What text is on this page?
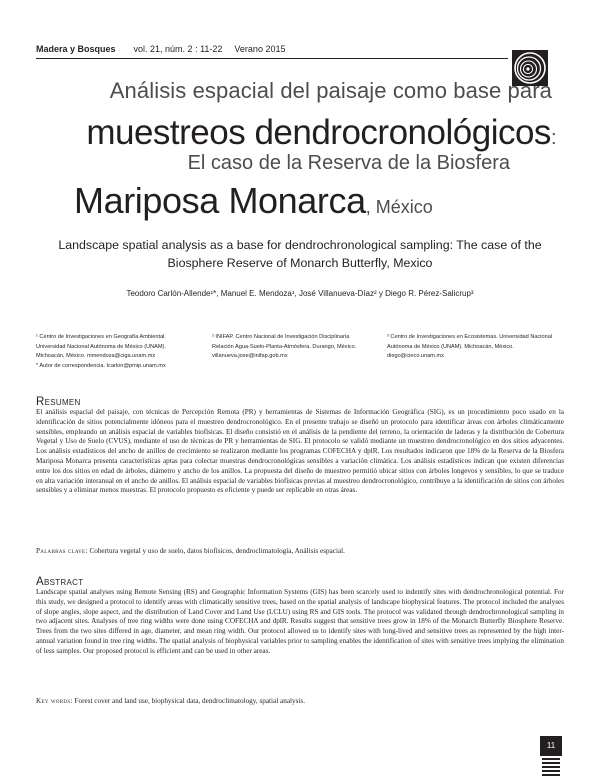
Madera y Bosques vol. 21, núm. 2 : 11-22 Verano 2015
Análisis espacial del paisaje como base para
muestreos dendrocronológicos:
El caso de la Reserva de la Biosfera
Mariposa Monarca, México
Landscape spatial analysis as a base for dendrochronological sampling: The case of the Biosphere Reserve of Monarch Butterfly, Mexico
Teodoro Carlón-Allende¹*, Manuel E. Mendoza¹, José Villanueva-Díaz² y Diego R. Pérez-Salicrup³
¹ Centro de Investigaciones en Geografía Ambiental. Universidad Nacional Autónoma de México (UNAM). Michoacán, México. mmendoza@ciga.unam.mx
* Autor de correspondencia. tcarlon@pmip.unam.mx
² INIFAP. Centro Nacional de Investigación Disciplinaria Relación Agua-Suelo-Planta-Atmósfera. Durango, México. villanueva.jose@inifap.gob.mx
³ Centro de Investigaciones en Ecosistemas. Universidad Nacional Autónoma de México (UNAM). Michoacán, México. diego@cieco.unam.mx
Resumen
El análisis espacial del paisaje, con técnicas de Percepción Remota (PR) y herramientas de Sistemas de Información Geográfica (SIG), es un procedimiento poco usado en la identificación de sitios potencialmente idóneos para el muestreo dendrocronológico. En el presente trabajo se diseñó un protocolo para identificar áreas con árboles climáticamente sensibles, empleando un análisis espacial de variables biofísicas. El diseño consistió en el análisis de la pendiente del terreno, la orientación de laderas y la distribución de Cobertura Vegetal y Uso de Suelo (CVUS), mediante el uso de técnicas de PR y herramientas de SIG. El protocolo se validó mediante un muestreo dendrocronológico en dos sitios adyacentes. Los análisis estadísticos del ancho de anillos de crecimiento se realizaron mediante los programas COFECHA y dplR. Los resultados indicaron que 18% de la Reserva de la Biosfera Mariposa Monarca presenta características aptas para colectar muestras dendrocronológicas sensibles a variación climática. Los análisis estadísticos indican que existen diferencias entre los dos sitios en edad de árboles, diámetro y ancho de los anillos. La propuesta del diseño de muestreo permitió ubicar sitios con árboles longevos y sensibles, lo que se traduce en alta variación interanual en el ancho de anillos. El análisis espacial de variables biofísicas previas al muestreo dendrocronológico, contribuye a la identificación de sitios con árboles sensibles y a eliminar menos muestras. El protocolo propuesto es eficiente y puede ser replicable en otras áreas.
Palabras clave: Cobertura vegetal y uso de suelo, datos biofísicos, dendroclimatología, Análisis espacial.
Abstract
Landscape spatial analyses using Remote Sensing (RS) and Geographic Information Systems (GIS) has been scarcely used to indentify sites with dendrochronological potential. For this study, we designed a protocol to identify areas with climatically sensitive trees, based on the spatial analysis of landscape biophysical features. The protocol included the analyses of slope angles, slope aspect, and the distribution of Land Cover and Land Use (LCLU) using RS and GIS tools. The protocol was validated through dendrochronological sampling in two adjacent sites. Analyses of tree ring widths were done using COFECHA and dplR. Results suggest that sensitive trees grow in 18% of the Monarch Butterfly Biosphere Reserve. Trees from the two sites differed in age, diameter, and mean ring width. Our protocol allowed us to identify sites with long-lived and sensitive trees as represented by the high inter-annual variation found in tree ring widths. The spatial analysis of biophysical variables prior to sampling enables the identification of sites with sensitive trees implying the elimination of less samples. Our proposed protocol is efficient and can be used in other areas.
Key words: Forest cover and land use, biophysical data, dendroclimatology, spatial analysis.
11
